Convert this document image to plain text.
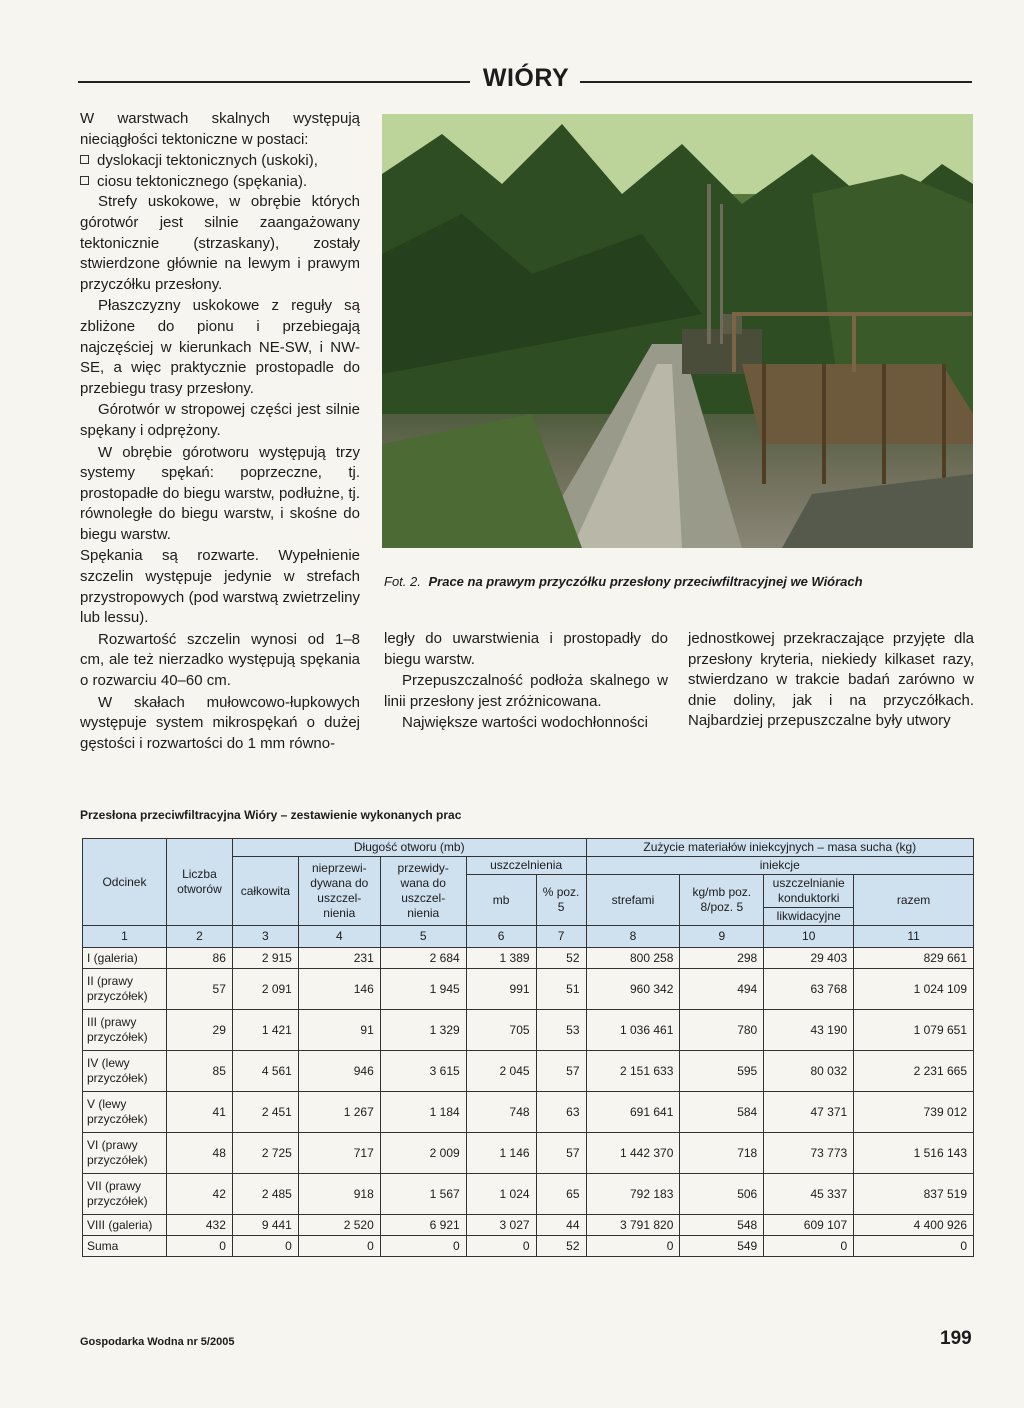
WIÓRY

W warstwach skalnych występują nieciągłości tektoniczne w postaci:

dyslokacji tektonicznych (uskoki),
ciosu tektonicznego (spękania).

Strefy uskokowe, w obrębie których górotwór jest silnie zaangażowany tektonicznie (strzaskany), zostały stwierdzone głównie na lewym i prawym przyczółku przesłony.

Płaszczyzny uskokowe z reguły są zbliżone do pionu i przebiegają najczęściej w kierunkach NE-SW, i NW-SE, a więc praktycznie prostopadle do przebiegu trasy przesłony.

Górotwór w stropowej części jest silnie spękany i odprężony.

W obrębie górotworu występują trzy systemy spękań: poprzeczne, tj. prostopadłe do biegu warstw, podłużne, tj. równoległe do biegu warstw, i skośne do biegu warstw.

Spękania są rozwarte. Wypełnienie szczelin występuje jedynie w strefach przystropowych (pod warstwą zwietrzeliny lub lessu).

Rozwartość szczelin wynosi od 1–8 cm, ale też nierzadko występują spękania o rozwarciu 40–60 cm.

W skałach mułowcowo-łupkowych występuje system mikrospękań o dużej gęstości i rozwartości do 1 mm równo-

Fot. 2. Prace na prawym przyczółku przesłony przeciwfiltracyjnej we Wiórach

legły do uwarstwienia i prostopadły do biegu warstw.

Przepuszczalność podłoża skalnego w linii przesłony jest zróżnicowana.

Największe wartości wodochłonności

jednostkowej przekraczające przyjęte dla przesłony kryteria, niekiedy kilkaset razy, stwierdzano w trakcie badań zarówno w dnie doliny, jak i na przyczółkach. Najbardziej przepuszczalne były utwory

Przesłona przeciwfiltracyjna Wióry – zestawienie wykonanych prac
Odcinek	Liczba otworów	Długość otworu (mb)					Zużycie materiałów iniekcyjnych – masa sucha (kg)			
		całkowita	nieprzewi- dywana do uszczel- nienia	przewidy- wana do uszczel- nienia	uszczelnienia		iniekcje			
					mb	% poz. 5	strefami	kg/mb poz. 8/poz. 5	uszczelnianie konduktorki	razem
									likwidacyjne	
1	2	3	4	5	6	7	8	9	10	11
I (galeria)	86	2 915	231	2 684	1 389	52	800 258	298	29 403	829 661
II (prawy przyczółek)	57	2 091	146	1 945	991	51	960 342	494	63 768	1 024 109
III (prawy przyczółek)	29	1 421	91	1 329	705	53	1 036 461	780	43 190	1 079 651
IV (lewy przyczółek)	85	4 561	946	3 615	2 045	57	2 151 633	595	80 032	2 231 665
V (lewy przyczółek)	41	2 451	1 267	1 184	748	63	691 641	584	47 371	739 012
VI (prawy przyczółek)	48	2 725	717	2 009	1 146	57	1 442 370	718	73 773	1 516 143
VII (prawy przyczółek)	42	2 485	918	1 567	1 024	65	792 183	506	45 337	837 519
VIII (galeria)	432	9 441	2 520	6 921	3 027	44	3 791 820	548	609 107	4 400 926
Suma	0	0	0	0	0	52	0	549	0	0
Gospodarka Wodna nr 5/2005	199
